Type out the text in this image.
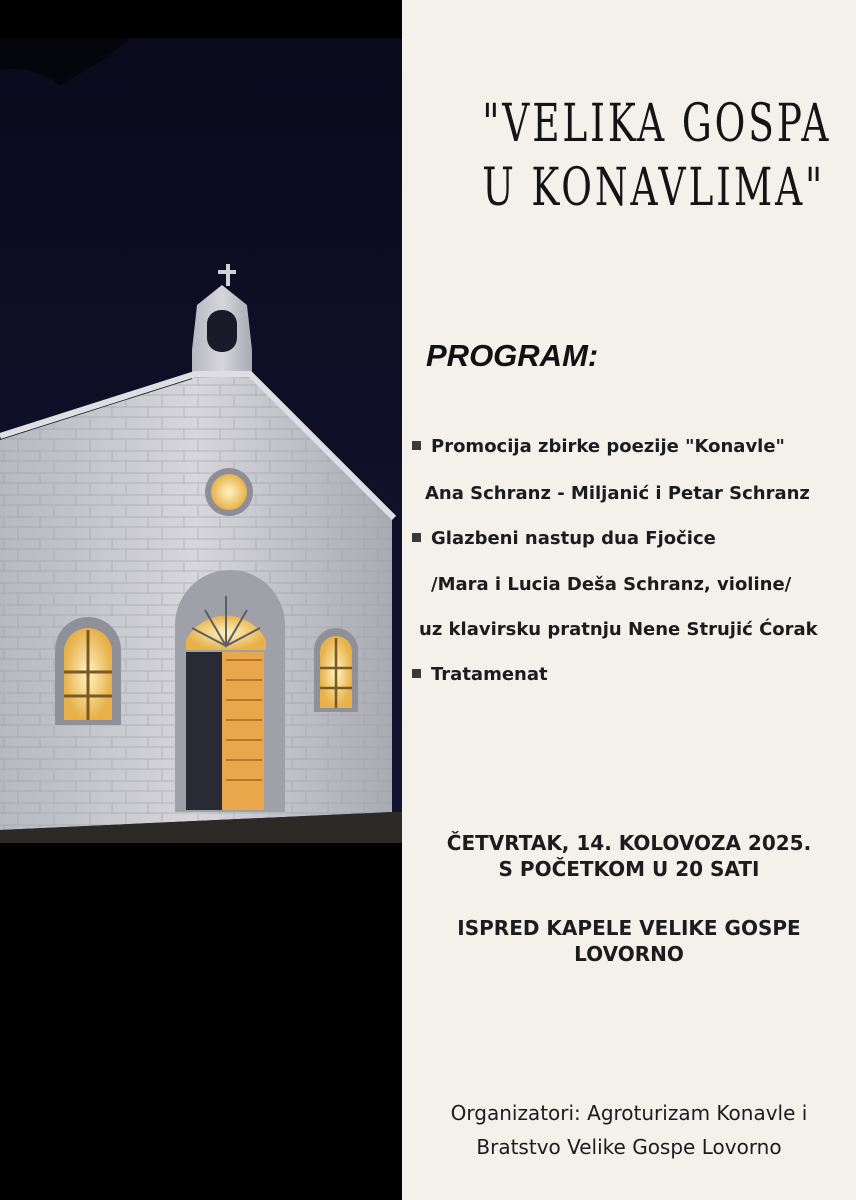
"VELIKA GOSPA
U KONAVLIMA"
PROGRAM:
Promocija zbirke poezije "Konavle"
Ana Schranz - Miljanić i Petar Schranz
Glazbeni nastup dua Fjočice
/Mara i Lucia Deša Schranz, violine/
uz klavirsku pratnju Nene Strujić Ćorak
Tratamenat
ČETVRTAK, 14. KOLOVOZA 2025.
S POČETKOM U 20 SATI
ISPRED KAPELE VELIKE GOSPE
LOVORNO
Organizatori: Agroturizam Konavle i
Bratstvo Velike Gospe Lovorno
